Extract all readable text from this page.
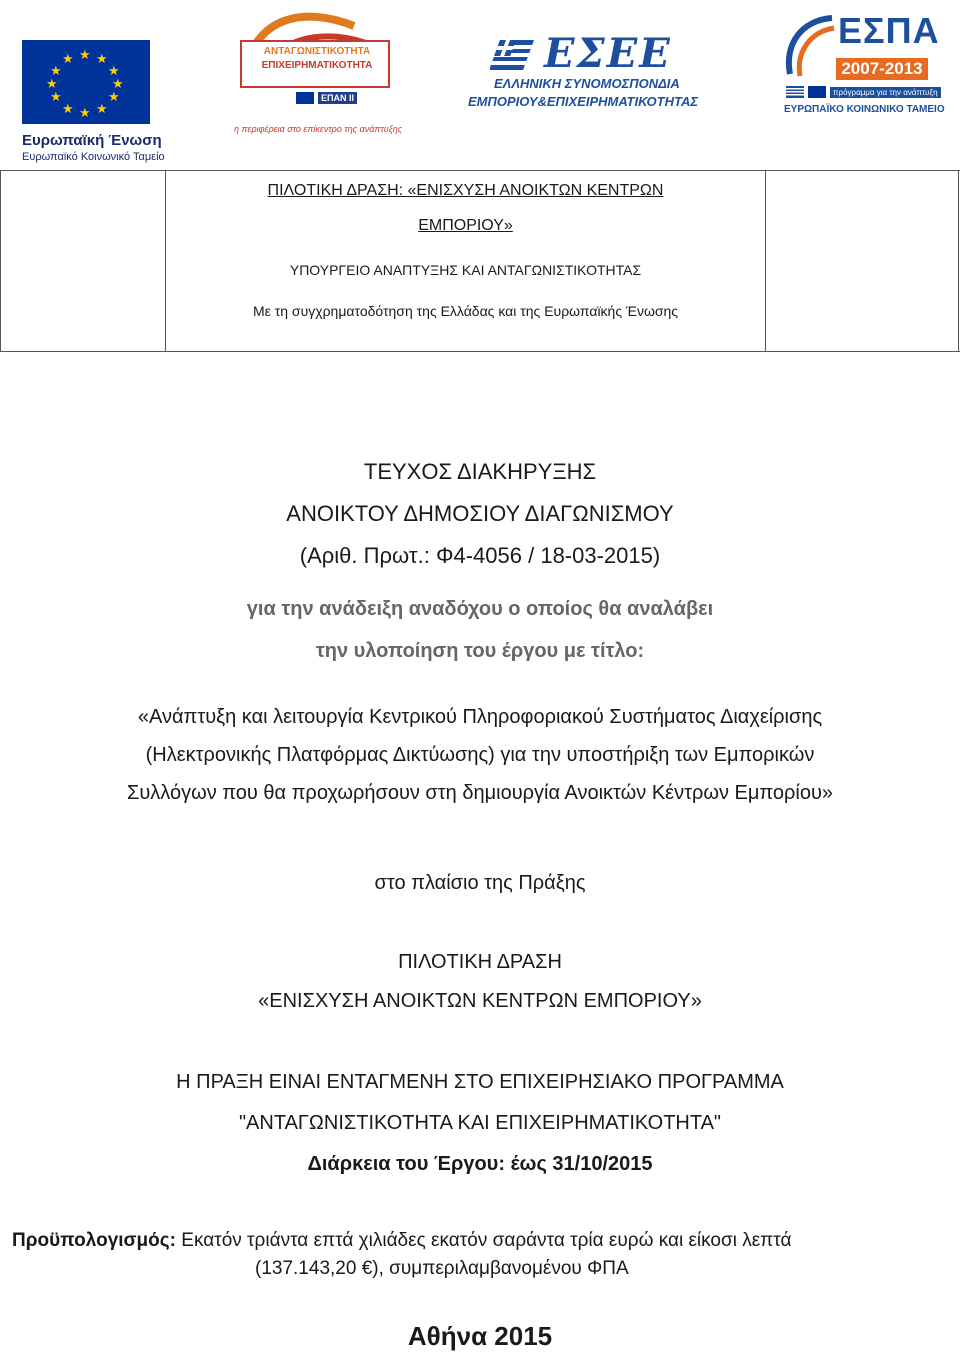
★ ★
★
★
★
★
★
★
★
★
★
★
Ευρωπαϊκή Ένωση
Ευρωπαϊκό Κοινωνικό Ταμείο
ΑΝΤΑΓΩΝΙΣΤΙΚΟΤΗΤΑ
ΕΠΙΧΕΙΡΗΜΑΤΙΚΟΤΗΤΑ
ΕΠΑΝ ΙΙ
η περιφέρεια στο επίκεντρο της ανάπτυξης
ΕΣΕΕ
ΕΛΛΗΝΙΚΗ ΣΥΝΟΜΟΣΠΟΝΔΙΑ
ΕΜΠΟΡΙΟΥ&ΕΠΙΧΕΙΡΗΜΑΤΙΚΟΤΗΤΑΣ
ΕΣΠΑ
2007-2013
πρόγραμμα για την ανάπτυξη
ΕΥΡΩΠΑΪΚΟ ΚΟΙΝΩΝΙΚΟ ΤΑΜΕΙΟ
ΠΙΛΟΤΙΚΗ ΔΡΑΣΗ: «ΕΝΙΣΧΥΣΗ ΑΝΟΙΚΤΩΝ ΚΕΝΤΡΩΝ
ΕΜΠΟΡΙΟΥ»
ΥΠΟΥΡΓΕΙΟ ΑΝΑΠΤΥΞΗΣ ΚΑΙ ΑΝΤΑΓΩΝΙΣΤΙΚΟΤΗΤΑΣ
Με τη συγχρηματοδότηση της Ελλάδας και της Ευρωπαϊκής Ένωσης
ΤΕΥΧΟΣ ΔΙΑΚΗΡΥΞΗΣ
ΑΝΟΙΚΤΟΥ ΔΗΜΟΣΙΟΥ ΔΙΑΓΩΝΙΣΜΟΥ
(Αριθ. Πρωτ.: Φ4-4056 / 18-03-2015)
για την ανάδειξη αναδόχου ο οποίος θα αναλάβει
την υλοποίηση του έργου με τίτλο:
«Ανάπτυξη και λειτουργία Κεντρικού Πληροφοριακού Συστήματος Διαχείρισης
(Ηλεκτρονικής Πλατφόρμας Δικτύωσης) για την υποστήριξη των Εμπορικών
Συλλόγων που θα προχωρήσουν στη δημιουργία Ανοικτών Κέντρων Εμπορίου»
στο πλαίσιο της Πράξης
ΠΙΛΟΤΙΚΗ ΔΡΑΣΗ
«ΕΝΙΣΧΥΣΗ ΑΝΟΙΚΤΩΝ ΚΕΝΤΡΩΝ ΕΜΠΟΡΙΟΥ»
Η ΠΡΑΞΗ ΕΙΝΑΙ ΕΝΤΑΓΜΕΝΗ ΣΤΟ ΕΠΙΧΕΙΡΗΣΙΑΚΟ ΠΡΟΓΡΑΜΜΑ
"ΑΝΤΑΓΩΝΙΣΤΙΚΟΤΗΤΑ ΚΑΙ ΕΠΙΧΕΙΡΗΜΑΤΙΚΟΤΗΤΑ"
Διάρκεια του Έργου: έως 31/10/2015
Προϋπολογισμός: Εκατόν τριάντα επτά χιλιάδες εκατόν σαράντα τρία ευρώ και είκοσι λεπτά
(137.143,20 €), συμπεριλαμβανομένου ΦΠΑ
Αθήνα 2015
